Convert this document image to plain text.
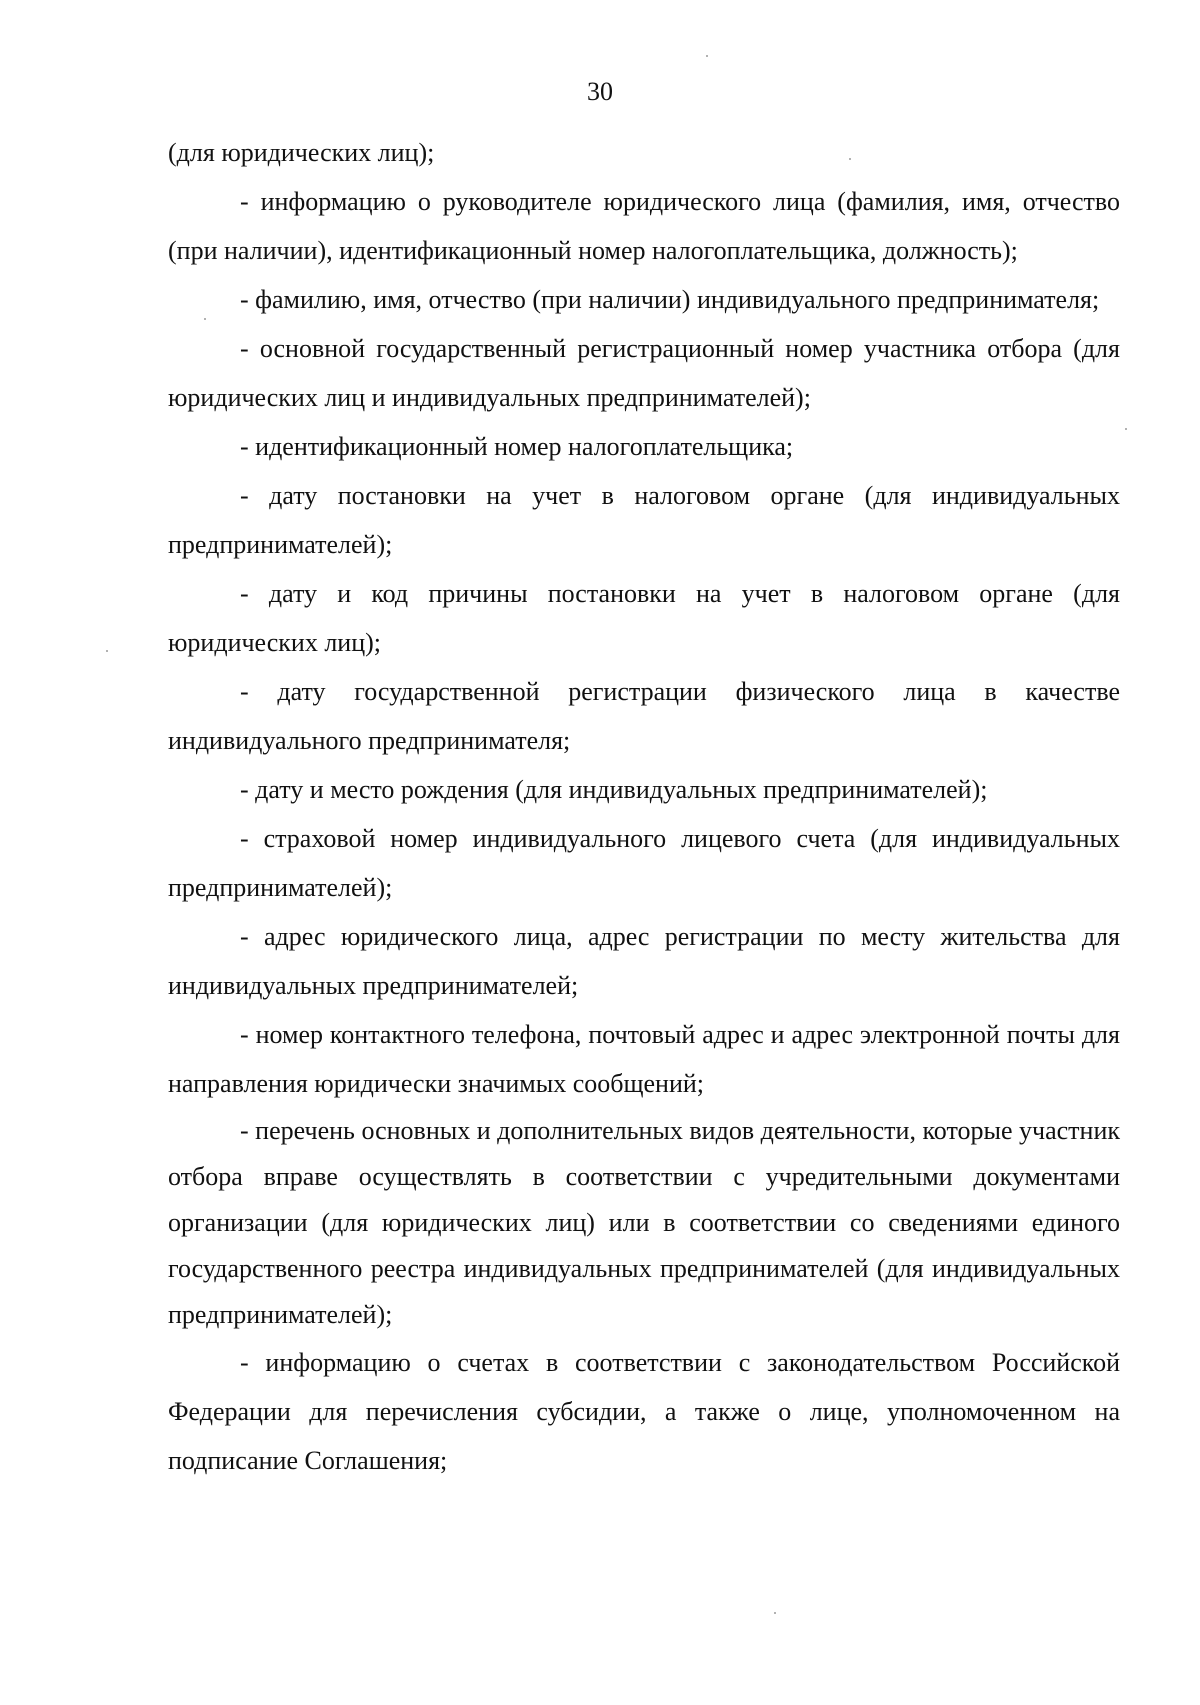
30

(для юридических лиц);

- информацию о руководителе юридического лица (фамилия, имя, отчество (при наличии), идентификационный номер налогоплательщика, должность);

- фамилию, имя, отчество (при наличии) индивидуального предпринимателя;

- основной государственный регистрационный номер участника отбора (для юридических лиц и индивидуальных предпринимателей);

- идентификационный номер налогоплательщика;

- дату постановки на учет в налоговом органе (для индивидуальных предпринимателей);

- дату и код причины постановки на учет в налоговом органе (для юридических лиц);

- дату государственной регистрации физического лица в качестве индивидуального предпринимателя;

- дату и место рождения (для индивидуальных предпринимателей);

- страховой номер индивидуального лицевого счета (для индивидуальных предпринимателей);

- адрес юридического лица, адрес регистрации по месту жительства для индивидуальных предпринимателей;

- номер контактного телефона, почтовый адрес и адрес электронной почты для направления юридически значимых сообщений;

- перечень основных и дополнительных видов деятельности, которые участник отбора вправе осуществлять в соответствии с учредительными документами организации (для юридических лиц) или в соответствии со сведениями единого государственного реестра индивидуальных предпринимателей (для индивидуальных предпринимателей);

- информацию о счетах в соответствии с законодательством Российской Федерации для перечисления субсидии, а также о лице, уполномоченном на подписание Соглашения;
